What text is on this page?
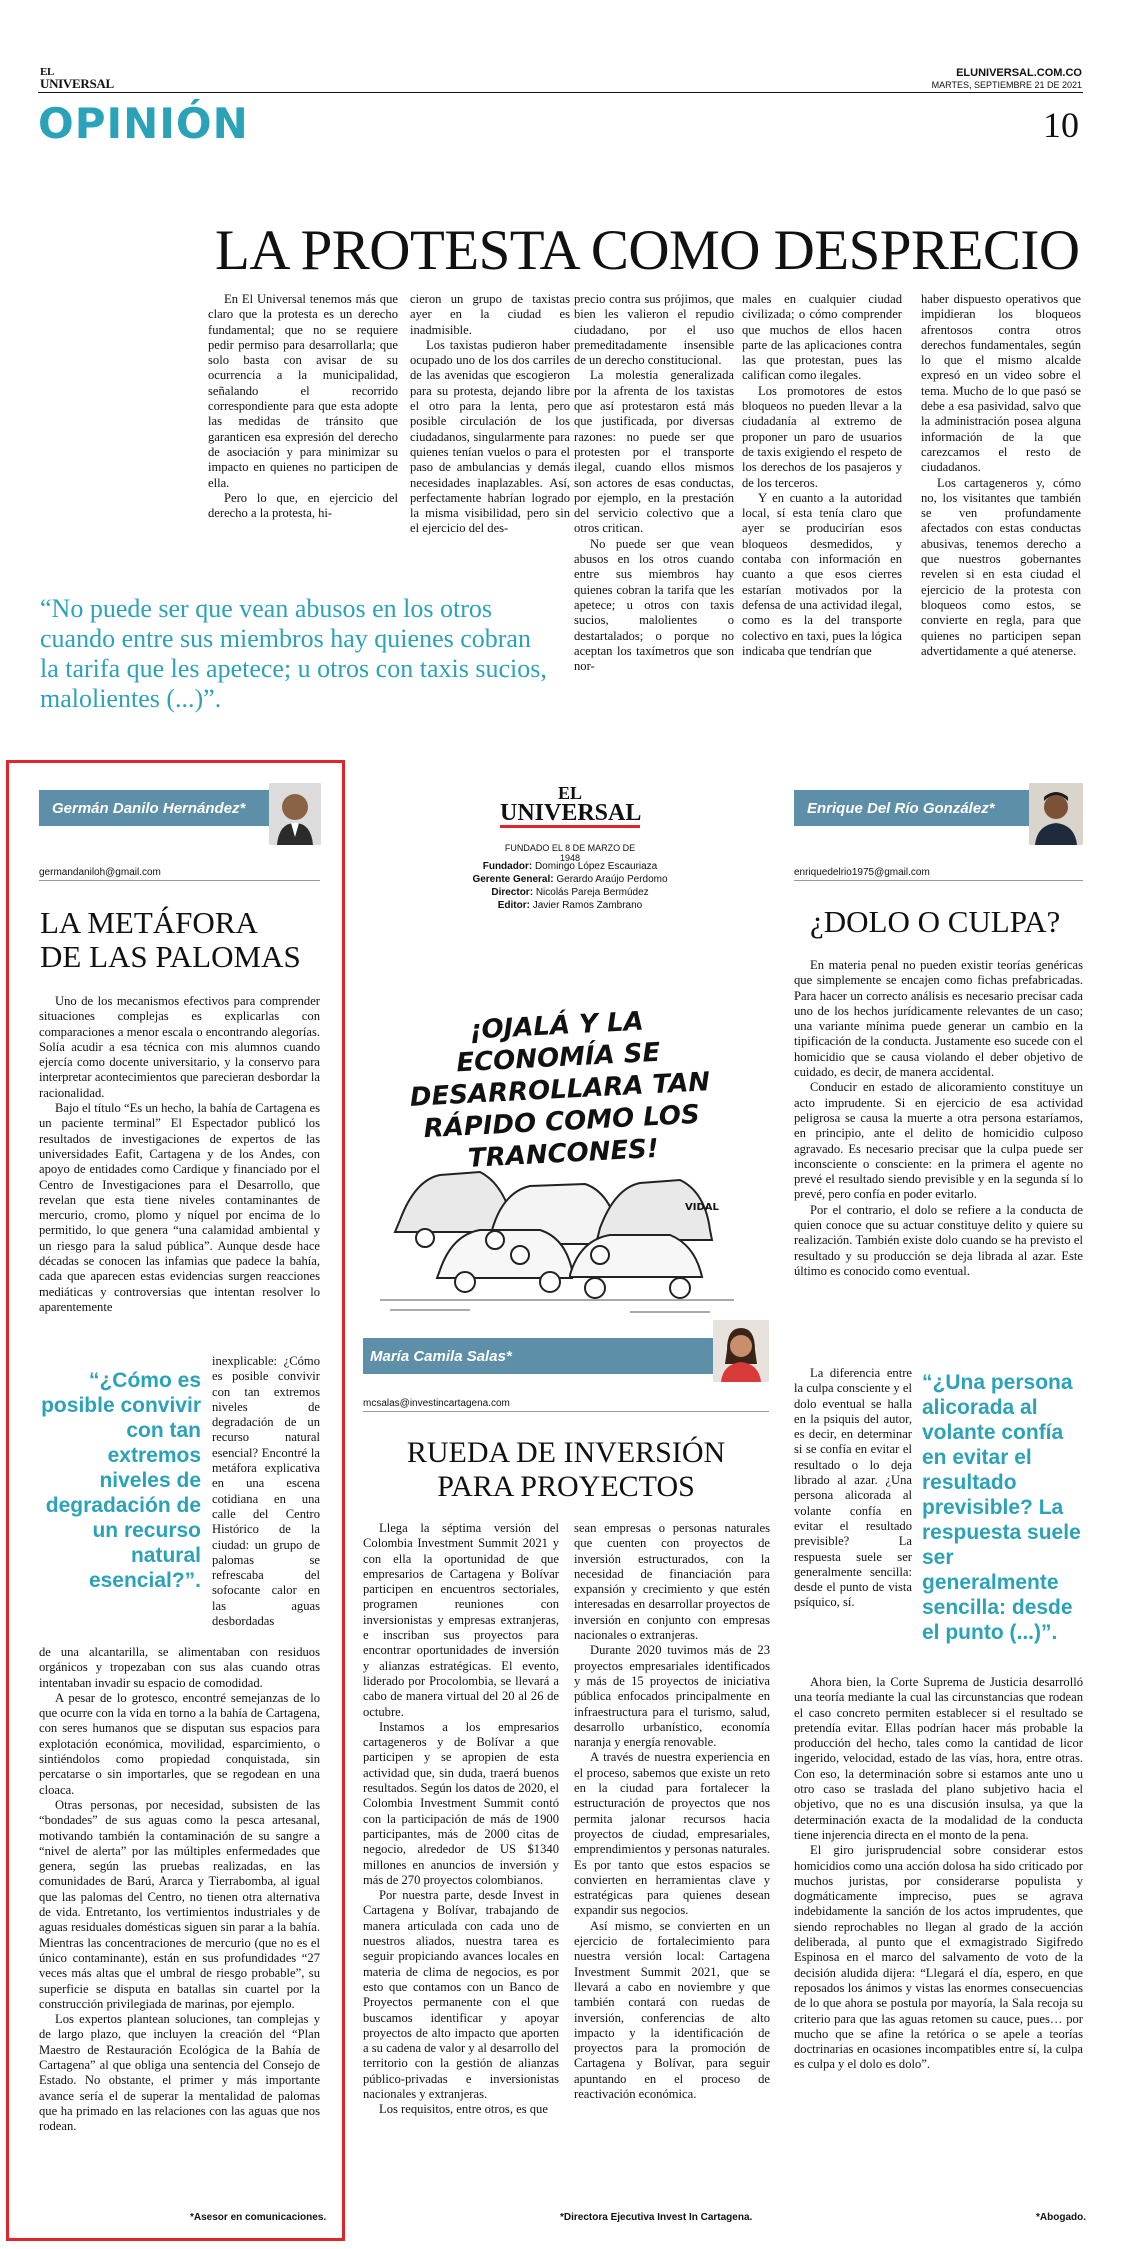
EL
UNIVERSAL
ELUNIVERSAL.COM.CO
MARTES, SEPTIEMBRE 21 DE 2021
OPINIÓN	10
LA PROTESTA COMO DESPRECIO

En El Universal tenemos más que claro que la protesta es un derecho fundamental; que no se requiere pedir permiso para desarrollarla; que solo basta con avisar de su ocurrencia a la municipalidad, señalando el recorrido correspondiente para que esta adopte las medidas de tránsito que garanticen esa expresión del derecho de asociación y para minimizar su impacto en quienes no participen de ella.

Pero lo que, en ejercicio del derecho a la protesta, hi-

cieron un grupo de taxistas ayer en la ciudad es inadmisible.

Los taxistas pudieron haber ocupado uno de los dos carriles de las avenidas que escogieron para su protesta, dejando libre el otro para la lenta, pero posible circulación de los ciudadanos, singularmente para quienes tenían vuelos o para el paso de ambulancias y demás necesidades inaplazables. Así, perfectamente habrían logrado la misma visibilidad, pero sin el ejercicio del des-

precio contra sus prójimos, que bien les valieron el repudio ciudadano, por el uso premeditadamente insensible de un derecho constitucional.

La molestia generalizada por la afrenta de los taxistas que así protestaron está más que justificada, por diversas razones: no puede ser que protesten por el transporte ilegal, cuando ellos mismos son actores de esas conductas, por ejemplo, en la prestación del servicio colectivo que a otros critican.

No puede ser que vean abusos en los otros cuando entre sus miembros hay quienes cobran la tarifa que les apetece; u otros con taxis sucios, malolientes o destartalados; o porque no aceptan los taxímetros que son nor-

males en cualquier ciudad civilizada; o cómo comprender que muchos de ellos hacen parte de las aplicaciones contra las que protestan, pues las califican como ilegales.

Los promotores de estos bloqueos no pueden llevar a la ciudadanía al extremo de proponer un paro de usuarios de taxis exigiendo el respeto de los derechos de los pasajeros y de los terceros.

Y en cuanto a la autoridad local, sí esta tenía claro que ayer se producirían esos bloqueos desmedidos, y contaba con información en cuanto a que esos cierres estarían motivados por la defensa de una actividad ilegal, como es la del transporte colectivo en taxi, pues la lógica indicaba que tendrían que

haber dispuesto operativos que impidieran los bloqueos afrentosos contra otros derechos fundamentales, según lo que el mismo alcalde expresó en un video sobre el tema. Mucho de lo que pasó se debe a esa pasividad, salvo que la administración posea alguna información de la que carezcamos el resto de ciudadanos.

Los cartageneros y, cómo no, los visitantes que también se ven profundamente afectados con estas conductas abusivas, tenemos derecho a que nuestros gobernantes revelen si en esta ciudad el ejercicio de la protesta con bloqueos como estos, se convierte en regla, para que quienes no participen sepan advertidamente a qué atenerse.

“No puede ser que vean abusos en los otros cuando entre sus miembros hay quienes cobran la tarifa que les apetece; u otros con taxis sucios, malolientes (...)”.
Germán Danilo Hernández*
germandaniloh@gmail.com
LA METÁFORA
DE LAS PALOMAS

Uno de los mecanismos efectivos para comprender situaciones complejas es explicarlas con comparaciones a menor escala o encontrando alegorías. Solía acudir a esa técnica con mis alumnos cuando ejercía como docente universitario, y la conservo para interpretar acontecimientos que parecieran desbordar la racionalidad.

Bajo el título “Es un hecho, la bahía de Cartagena es un paciente terminal” El Espectador publicó los resultados de investigaciones de expertos de las universidades Eafit, Cartagena y de los Andes, con apoyo de entidades como Cardique y financiado por el Centro de Investigaciones para el Desarrollo, que revelan que esta tiene niveles contaminantes de mercurio, cromo, plomo y níquel por encima de lo permitido, lo que genera “una calamidad ambiental y un riesgo para la salud pública”. Aunque desde hace décadas se conocen las infamias que padece la bahía, cada que aparecen estas evidencias surgen reacciones mediáticas y controversias que intentan resolver lo aparentemente

“¿Cómo es posible convivir con tan extremos niveles de degradación de un recurso natural esencial?”.

inexplicable: ¿Cómo es posible convivir con tan extremos niveles de degradación de un recurso natural esencial? Encontré la metáfora explicativa en una escena cotidiana en una calle del Centro Histórico de la ciudad: un grupo de palomas se refrescaba del sofocante calor en las aguas desbordadas

de una alcantarilla, se alimentaban con residuos orgánicos y tropezaban con sus alas cuando otras intentaban invadir su espacio de comodidad.

A pesar de lo grotesco, encontré semejanzas de lo que ocurre con la vida en torno a la bahía de Cartagena, con seres humanos que se disputan sus espacios para explotación económica, movilidad, esparcimiento, o sintiéndolos como propiedad conquistada, sin percatarse o sin importarles, que se regodean en una cloaca.

Otras personas, por necesidad, subsisten de las “bondades” de sus aguas como la pesca artesanal, motivando también la contaminación de su sangre a “nivel de alerta” por las múltiples enfermedades que genera, según las pruebas realizadas, en las comunidades de Barú, Ararca y Tierrabomba, al igual que las palomas del Centro, no tienen otra alternativa de vida. Entretanto, los vertimientos industriales y de aguas residuales domésticas siguen sin parar a la bahía. Mientras las concentraciones de mercurio (que no es el único contaminante), están en sus profundidades “27 veces más altas que el umbral de riesgo probable”, su superficie se disputa en batallas sin cuartel por la construcción privilegiada de marinas, por ejemplo.

Los expertos plantean soluciones, tan complejas y de largo plazo, que incluyen la creación del “Plan Maestro de Restauración Ecológica de la Bahía de Cartagena” al que obliga una sentencia del Consejo de Estado. No obstante, el primer y más importante avance sería el de superar la mentalidad de palomas que ha primado en las relaciones con las aguas que nos rodean.

*Asesor en comunicaciones.
EL
UNIVERSAL
FUNDADO EL 8 DE MARZO DE 1948
Fundador: Domingo López Escauriaza
Gerente General: Gerardo Araújo Perdomo
Director: Nicolás Pareja Bermúdez
Editor: Javier Ramos Zambrano
¡OJALÁ Y LA ECONOMÍA SE DESARROLLARA TAN RÁPIDO COMO LOS TRANCONES!
VIDAL
María Camila Salas*
mcsalas@investincartagena.com
RUEDA DE INVERSIÓN
PARA PROYECTOS

Llega la séptima versión del Colombia Investment Summit 2021 y con ella la oportunidad de que empresarios de Cartagena y Bolívar participen en encuentros sectoriales, programen reuniones con inversionistas y empresas extranjeras, e inscriban sus proyectos para encontrar oportunidades de inversión y alianzas estratégicas. El evento, liderado por Procolombia, se llevará a cabo de manera virtual del 20 al 26 de octubre.

Instamos a los empresarios cartageneros y de Bolívar a que participen y se apropien de esta actividad que, sin duda, traerá buenos resultados. Según los datos de 2020, el Colombia Investment Summit contó con la participación de más de 1900 participantes, más de 2000 citas de negocio, alrededor de US $1340 millones en anuncios de inversión y más de 270 proyectos colombianos.

Por nuestra parte, desde Invest in Cartagena y Bolívar, trabajando de manera articulada con cada uno de nuestros aliados, nuestra tarea es seguir propiciando avances locales en materia de clima de negocios, es por esto que contamos con un Banco de Proyectos permanente con el que buscamos identificar y apoyar proyectos de alto impacto que aporten a su cadena de valor y al desarrollo del territorio con la gestión de alianzas público-privadas e inversionistas nacionales y extranjeras.

Los requisitos, entre otros, es que

sean empresas o personas naturales que cuenten con proyectos de inversión estructurados, con la necesidad de financiación para expansión y crecimiento y que estén interesadas en desarrollar proyectos de inversión en conjunto con empresas nacionales o extranjeras.

Durante 2020 tuvimos más de 23 proyectos empresariales identificados y más de 15 proyectos de iniciativa pública enfocados principalmente en infraestructura para el turismo, salud, desarrollo urbanístico, economía naranja y energía renovable.

A través de nuestra experiencia en el proceso, sabemos que existe un reto en la ciudad para fortalecer la estructuración de proyectos que nos permita jalonar recursos hacia proyectos de ciudad, empresariales, emprendimientos y personas naturales. Es por tanto que estos espacios se convierten en herramientas clave y estratégicas para quienes desean expandir sus negocios.

Así mismo, se convierten en un ejercicio de fortalecimiento para nuestra versión local: Cartagena Investment Summit 2021, que se llevará a cabo en noviembre y que también contará con ruedas de inversión, conferencias de alto impacto y la identificación de proyectos para la promoción de Cartagena y Bolívar, para seguir apuntando en el proceso de reactivación económica.

*Directora Ejecutiva Invest In Cartagena.
Enrique Del Río González*
enriquedelrio1975@gmail.com
¿DOLO O CULPA?

En materia penal no pueden existir teorías genéricas que simplemente se encajen como fichas prefabricadas. Para hacer un correcto análisis es necesario precisar cada uno de los hechos jurídicamente relevantes de un caso; una variante mínima puede generar un cambio en la tipificación de la conducta. Justamente eso sucede con el homicidio que se causa violando el deber objetivo de cuidado, es decir, de manera accidental.

Conducir en estado de alicoramiento constituye un acto imprudente. Si en ejercicio de esa actividad peligrosa se causa la muerte a otra persona estaríamos, en principio, ante el delito de homicidio culposo agravado. Es necesario precisar que la culpa puede ser inconsciente o consciente: en la primera el agente no prevé el resultado siendo previsible y en la segunda sí lo prevé, pero confía en poder evitarlo.

Por el contrario, el dolo se refiere a la conducta de quien conoce que su actuar constituye delito y quiere su realización. También existe dolo cuando se ha previsto el resultado y su producción se deja librada al azar. Este último es conocido como eventual.

La diferencia entre la culpa consciente y el dolo eventual se halla en la psiquis del autor, es decir, en determinar si se confía en evitar el resultado o lo deja librado al azar. ¿Una persona alicorada al volante confía en evitar el resultado previsible? La respuesta suele ser generalmente sencilla: desde el punto de vista psíquico, sí.

“¿Una persona alicorada al volante confía en evitar el resultado previsible? La respuesta suele ser generalmente sencilla: desde el punto (...)”.

Ahora bien, la Corte Suprema de Justicia desarrolló una teoría mediante la cual las circunstancias que rodean el caso concreto permiten establecer si el resultado se pretendía evitar. Ellas podrían hacer más probable la producción del hecho, tales como la cantidad de licor ingerido, velocidad, estado de las vías, hora, entre otras. Con eso, la determinación sobre si estamos ante uno u otro caso se traslada del plano subjetivo hacia el objetivo, que no es una discusión insulsa, ya que la determinación exacta de la modalidad de la conducta tiene injerencia directa en el monto de la pena.

El giro jurisprudencial sobre considerar estos homicidios como una acción dolosa ha sido criticado por muchos juristas, por considerarse populista y dogmáticamente impreciso, pues se agrava indebidamente la sanción de los actos imprudentes, que siendo reprochables no llegan al grado de la acción deliberada, al punto que el exmagistrado Sigifredo Espinosa en el marco del salvamento de voto de la decisión aludida dijera: “Llegará el día, espero, en que reposados los ánimos y vistas las enormes consecuencias de lo que ahora se postula por mayoría, la Sala recoja su criterio para que las aguas retomen su cauce, pues… por mucho que se afine la retórica o se apele a teorías doctrinarias en ocasiones incompatibles entre sí, la culpa es culpa y el dolo es dolo”.

*Abogado.
